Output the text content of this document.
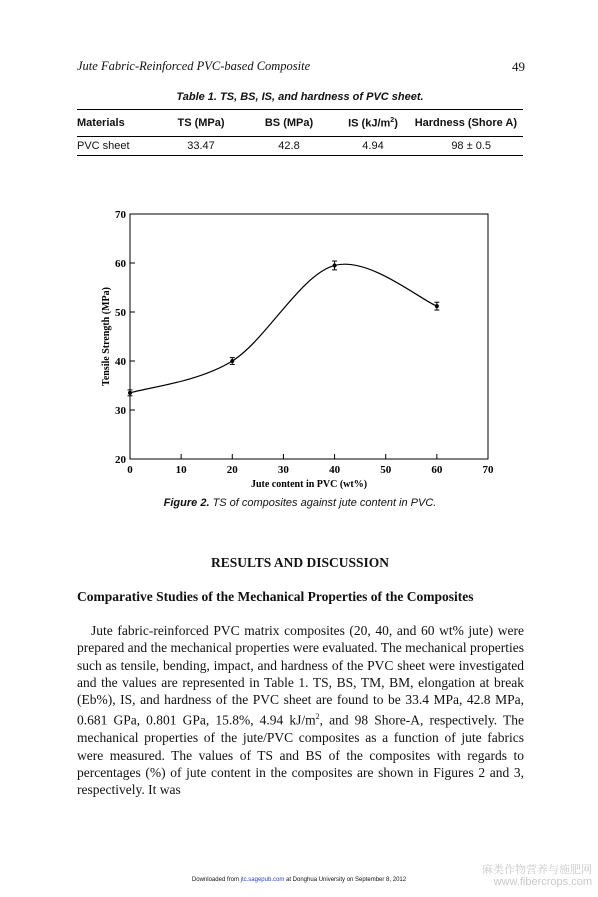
Jute Fabric-Reinforced PVC-based Composite	49
Table 1. TS, BS, IS, and hardness of PVC sheet.
Materials	TS (MPa)	BS (MPa)	IS $(kJ/m^2)$	Hardness (Shore A)
PVC sheet	33.47	42.8	4.94	98 ± 0.5
0	10	20	30	40	50	60	70
20
30
40
50
60
70
Jute content in PVC (wt%)
Tensile Strength (MPa)
Figure 2. TS of composites against jute content in PVC.
RESULTS AND DISCUSSION
Comparative Studies of the Mechanical Properties of the Composites

Jute fabric-reinforced PVC matrix composites (20, 40, and 60 wt% jute) were prepared and the mechanical properties were evaluated. The mechanical properties such as tensile, bending, impact, and hardness of the PVC sheet were investigated and the values are represented in Table 1. TS, BS, TM, BM, elongation at break (Eb%), IS, and hardness of the PVC sheet are found to be 33.4 MPa, 42.8 MPa, 0.681 GPa, 0.801 GPa, 15.8%, 4.94 $kJ/m^2$, and 98 Shore-A, respectively. The mechanical properties of the jute/PVC composites as a function of jute fabrics were measured. The values of TS and BS of the composites with regards to percentages (%) of jute content in the composites are shown in Figures 2 and 3, respectively. It was

Downloaded from jtc.sagepub.com at Donghua University on September 8, 2012
麻类作物营养与施肥网
www.fibercrops.com
